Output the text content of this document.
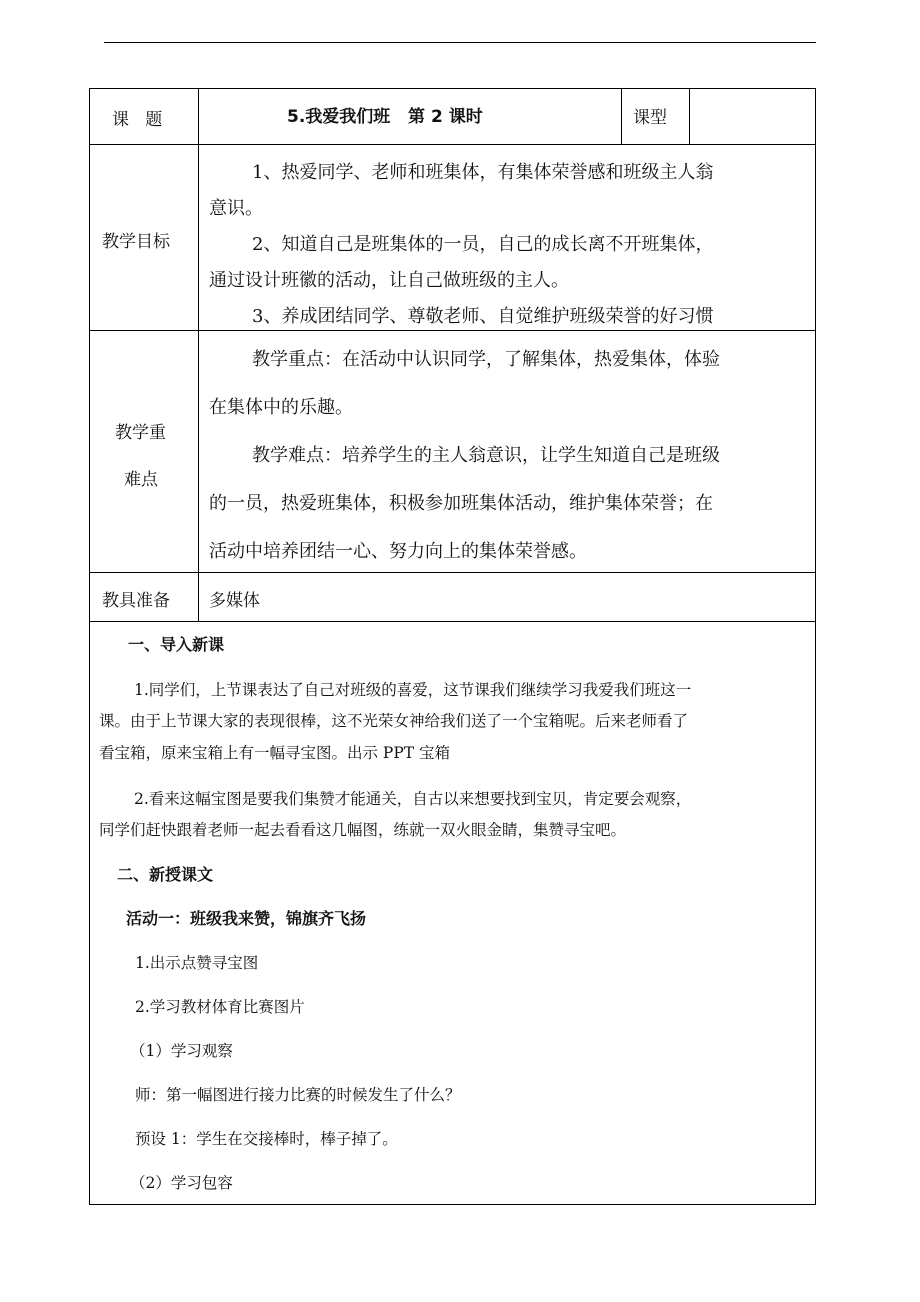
课   题	5.我爱我们班   第 2 课时	课型
教学目标
1、热爱同学、老师和班集体，有集体荣誉感和班级主人翁
意识。
2、知道自己是班集体的一员，自己的成长离不开班集体，
通过设计班徽的活动，让自己做班级的主人。
3、养成团结同学、尊敬老师、自觉维护班级荣誉的好习惯
教学重
难点
教学重点：在活动中认识同学，了解集体，热爱集体，体验
在集体中的乐趣。
教学难点：培养学生的主人翁意识，让学生知道自己是班级
的一员，热爱班集体，积极参加班集体活动，维护集体荣誉；在
活动中培养团结一心、努力向上的集体荣誉感。
教具准备 多媒体
一、导入新课
1.同学们，上节课表达了自己对班级的喜爱，这节课我们继续学习我爱我们班这一
课。由于上节课大家的表现很棒，这不光荣女神给我们送了一个宝箱呢。后来老师看了
看宝箱，原来宝箱上有一幅寻宝图。出示 PPT 宝箱
2.看来这幅宝图是要我们集赞才能通关，自古以来想要找到宝贝，肯定要会观察，
同学们赶快跟着老师一起去看看这几幅图，练就一双火眼金睛，集赞寻宝吧。
二、新授课文
活动一：班级我来赞，锦旗齐飞扬
1.出示点赞寻宝图
2.学习教材体育比赛图片
（1）学习观察
师：第一幅图进行接力比赛的时候发生了什么？
预设 1：学生在交接棒时，棒子掉了。
（2）学习包容
